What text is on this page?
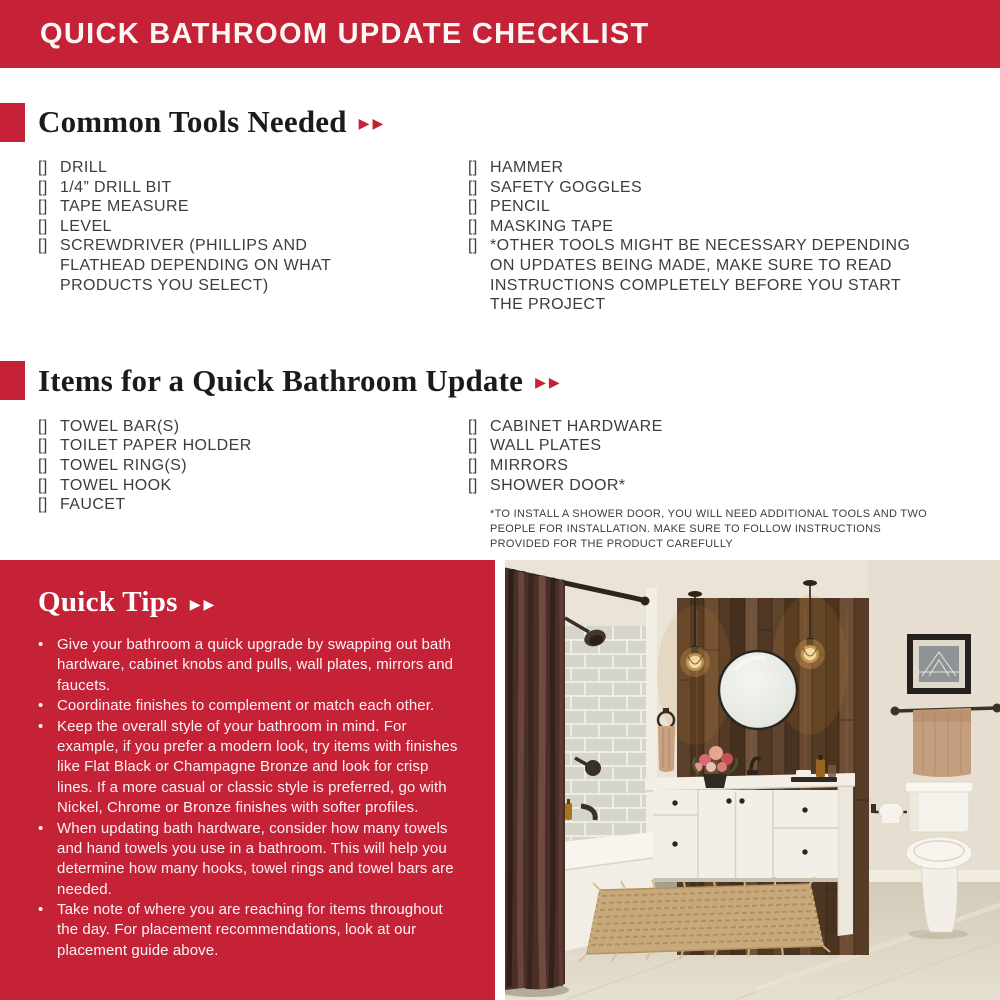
QUICK BATHROOM UPDATE CHECKLIST
Common Tools Needed ▶▶
[] DRILL
[] 1/4” DRILL BIT
[] TAPE MEASURE
[] LEVEL
[] SCREWDRIVER (PHILLIPS AND FLATHEAD DEPENDING ON WHAT PRODUCTS YOU SELECT)
[] HAMMER
[] SAFETY GOGGLES
[] PENCIL
[] MASKING TAPE
[] *OTHER TOOLS MIGHT BE NECESSARY DEPENDING ON UPDATES BEING MADE, MAKE SURE TO READ INSTRUCTIONS COMPLETELY BEFORE YOU START THE PROJECT
Items for a Quick Bathroom Update ▶▶
[] TOWEL BAR(S)
[] TOILET PAPER HOLDER
[] TOWEL RING(S)
[] TOWEL HOOK
[] FAUCET
[] CABINET HARDWARE
[] WALL PLATES
[] MIRRORS
[] SHOWER DOOR*

*TO INSTALL A SHOWER DOOR, YOU WILL NEED ADDITIONAL TOOLS AND TWO PEOPLE FOR INSTALLATION. MAKE SURE TO FOLLOW INSTRUCTIONS PROVIDED FOR THE PRODUCT CAREFULLY

Quick Tips ▶▶
• Give your bathroom a quick upgrade by swapping out bath hardware, cabinet knobs and pulls, wall plates, mirrors and faucets.
• Coordinate finishes to complement or match each other.
• Keep the overall style of your bathroom in mind. For example, if you prefer a modern look, try items with finishes like Flat Black or Champagne Bronze and look for crisp lines. If a more casual or classic style is preferred, go with Nickel, Chrome or Bronze finishes with softer profiles.
• When updating bath hardware, consider how many towels and hand towels you use in a bathroom. This will help you determine how many hooks, towel rings and towel bars are needed.
• Take note of where you are reaching for items throughout the day. For placement recommendations, look at our placement guide above.
